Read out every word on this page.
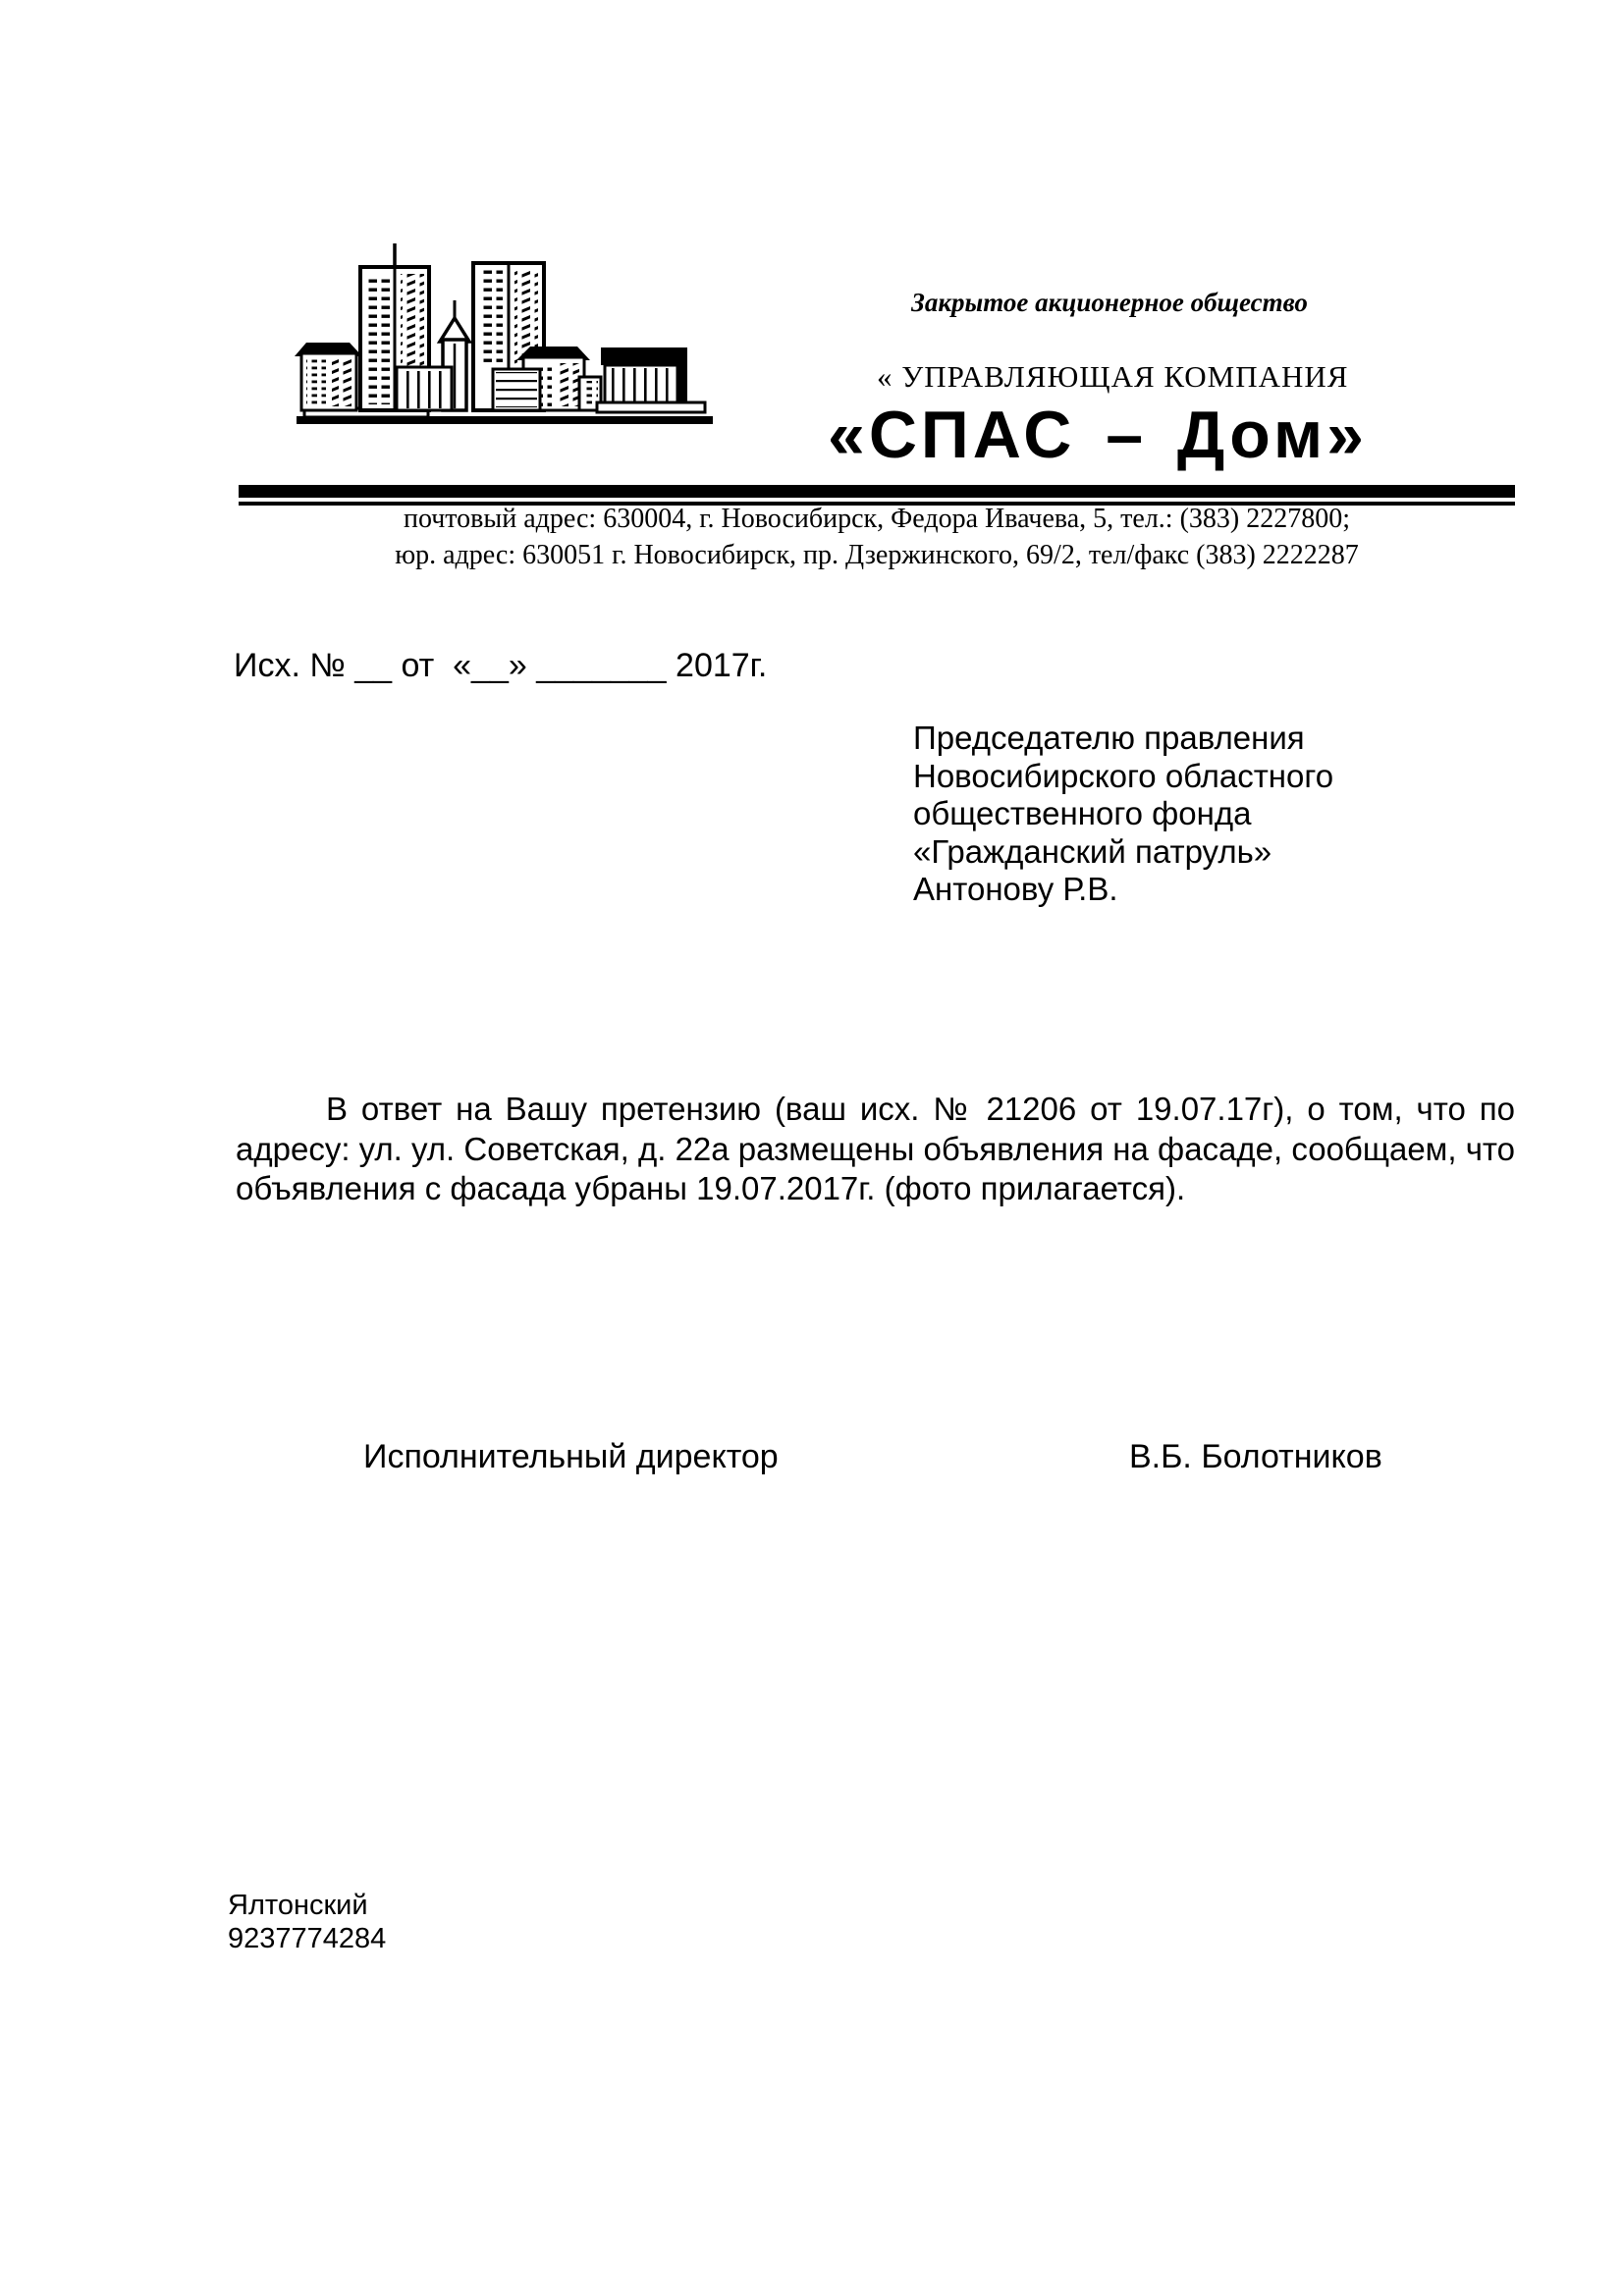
Закрытое акционерное общество
« УПРАВЛЯЮЩАЯ КОМПАНИЯ
«СПАС – Дом»
почтовый адрес: 630004, г. Новосибирск, Федора Ивачева, 5, тел.: (383) 2227800;
юр. адрес: 630051 г. Новосибирск, пр. Дзержинского, 69/2, тел/факс (383) 2222287
Исх. № __ от  «__» _______ 2017г.
Председателю правления
Новосибирского областного
общественного фонда
«Гражданский патруль»
Антонову Р.В.

В ответ на Вашу претензию (ваш исх. № 21206 от 19.07.17г), о том, что по адресу: ул. ул. Советская, д. 22а размещены объявления на фасаде, сообщаем, что объявления с фасада убраны 19.07.2017г. (фото прилагается).

Исполнительный директор	В.Б. Болотников
Ялтонский
9237774284
